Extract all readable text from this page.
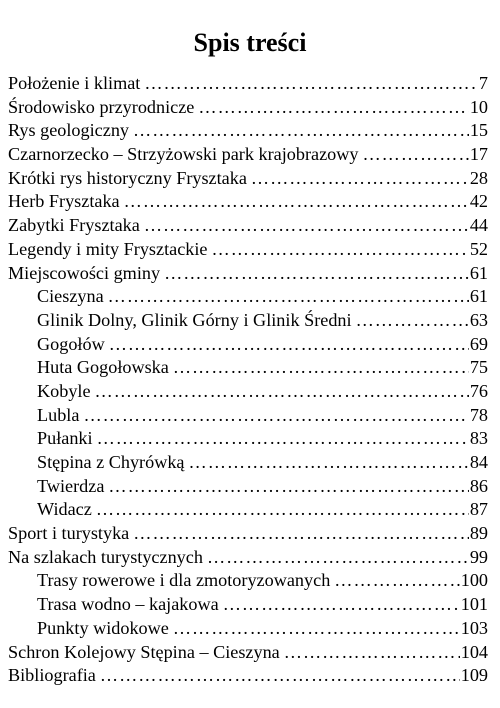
Spis treści
Położenie i klimat …………………………………………………………………………………………………………………………………………	7
Środowisko przyrodnicze …………………………………………………………………………………………………………………………………………	10
Rys geologiczny …………………………………………………………………………………………………………………………………………	15
Czarnorzecko – Strzyżowski park krajobrazowy …………………………………………………………………………………………………………………………………………	17
Krótki rys historyczny Frysztaka …………………………………………………………………………………………………………………………………………	28
Herb Frysztaka …………………………………………………………………………………………………………………………………………	42
Zabytki Frysztaka …………………………………………………………………………………………………………………………………………	44
Legendy i mity Frysztackie …………………………………………………………………………………………………………………………………………	52
Miejscowości gminy …………………………………………………………………………………………………………………………………………	61
Cieszyna …………………………………………………………………………………………………………………………………………	61
Glinik Dolny, Glinik Górny i Glinik Średni …………………………………………………………………………………………………………………………………………	63
Gogołów …………………………………………………………………………………………………………………………………………	69
Huta Gogołowska …………………………………………………………………………………………………………………………………………	75
Kobyle …………………………………………………………………………………………………………………………………………	76
Lubla …………………………………………………………………………………………………………………………………………	78
Pułanki …………………………………………………………………………………………………………………………………………	83
Stępina z Chyrówką …………………………………………………………………………………………………………………………………………	84
Twierdza …………………………………………………………………………………………………………………………………………	86
Widacz …………………………………………………………………………………………………………………………………………	87
Sport i turystyka …………………………………………………………………………………………………………………………………………	89
Na szlakach turystycznych …………………………………………………………………………………………………………………………………………	99
Trasy rowerowe i dla zmotoryzowanych …………………………………………………………………………………………………………………………………………	100
Trasa wodno – kajakowa …………………………………………………………………………………………………………………………………………	101
Punkty widokowe …………………………………………………………………………………………………………………………………………	103
Schron Kolejowy Stępina – Cieszyna …………………………………………………………………………………………………………………………………………	104
Bibliografia …………………………………………………………………………………………………………………………………………	109
